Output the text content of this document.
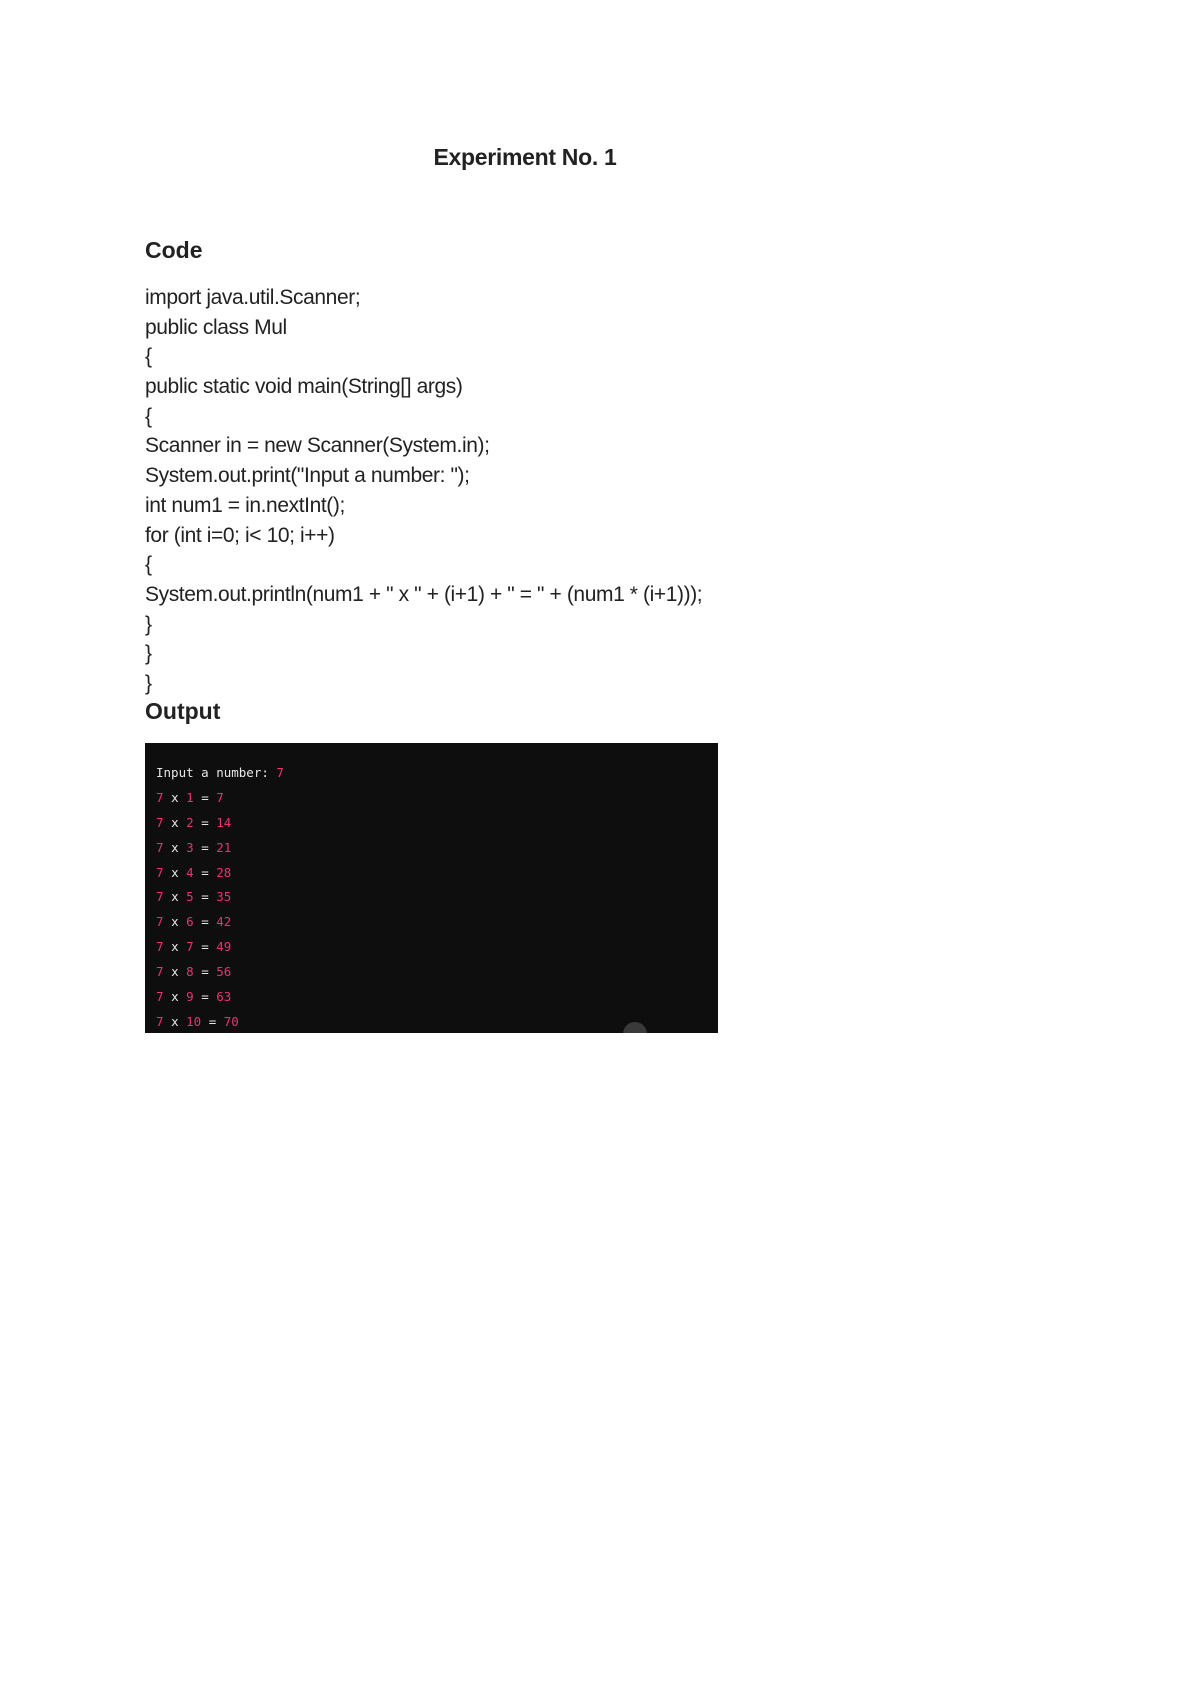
Experiment No. 1
Code
import java.util.Scanner;
public class Mul
{
public static void main(String[] args)
{
Scanner in = new Scanner(System.in);
System.out.print("Input a number: ");
int num1 = in.nextInt();
for (int i=0; i< 10; i++)
{
System.out.println(num1 + " x " + (i+1) + " = " + (num1 * (i+1)));
}
}
}
Output
Input a number: 7
7 x 1 = 7
7 x 2 = 14
7 x 3 = 21
7 x 4 = 28
7 x 5 = 35
7 x 6 = 42
7 x 7 = 49
7 x 8 = 56
7 x 9 = 63
7 x 10 = 70
